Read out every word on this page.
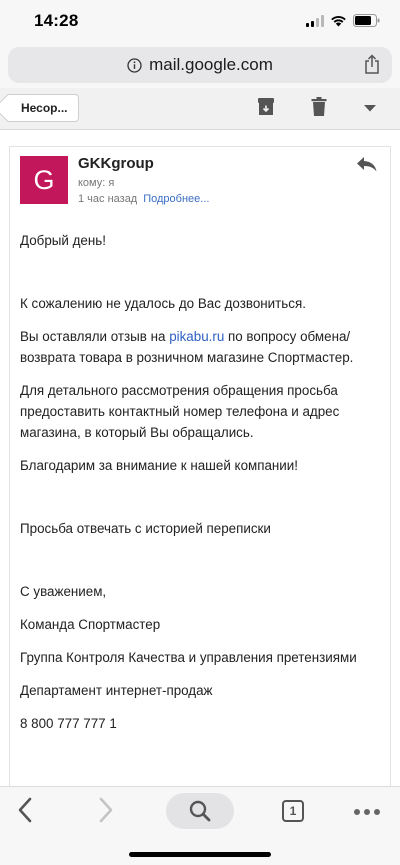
14:28
mail.google.com
Несор...
G
GKKgroup
кому: я
1 час назад Подробнее...

Добрый день!

К сожалению не удалось до Вас дозвониться.

Вы оставляли отзыв на pikabu.ru по вопросу обмена/возврата товара в розничном магазине Спортмастер.

Для детального рассмотрения обращения просьба предоставить контактный номер телефона и адрес магазина, в который Вы обращались.

Благодарим за внимание к нашей компании!

Просьба отвечать с историей переписки

С уважением,

Команда Спортмастер

Группа Контроля Качества и управления претензиями

Департамент интернет-продаж

8 800 777 777 1

1
